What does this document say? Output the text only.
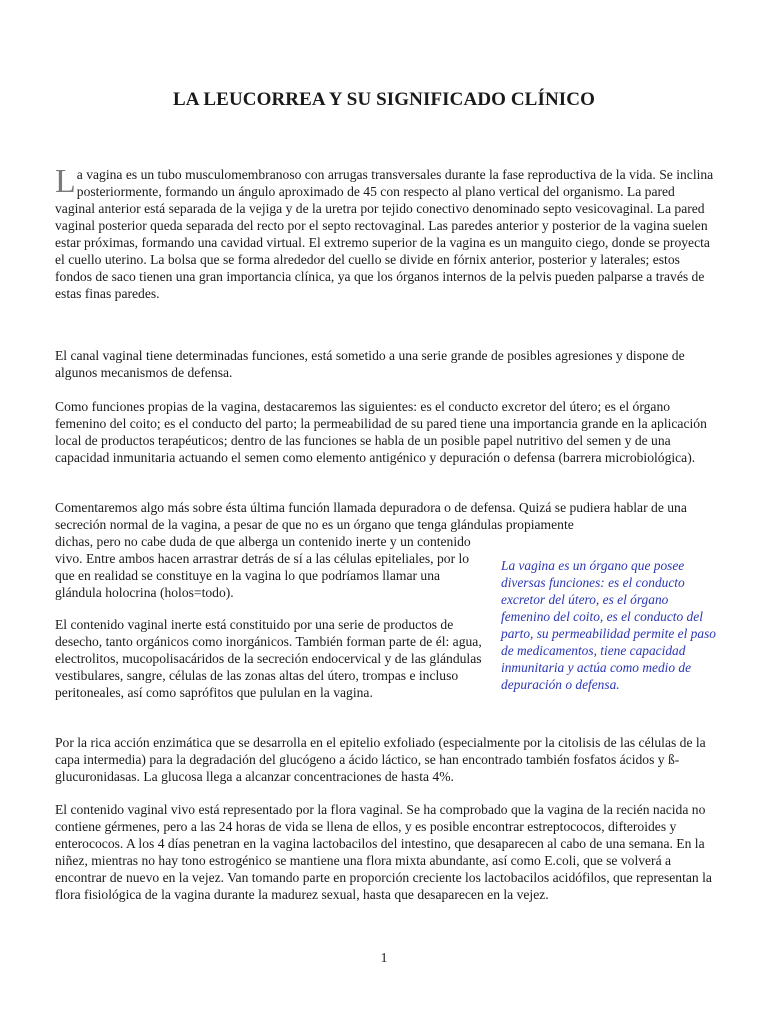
LA LEUCORREA Y SU SIGNIFICADO CLÍNICO

La vagina es un tubo musculomembranoso con arrugas transversales durante la fase reproductiva de la vida. Se inclina posteriormente, formando un ángulo aproximado de 45 con respecto al plano vertical del organismo. La pared vaginal anterior está separada de la vejiga y de la uretra por tejido conectivo denominado septo vesicovaginal. La pared vaginal posterior queda separada del recto por el septo rectovaginal. Las paredes anterior y posterior de la vagina suelen estar próximas, formando una cavidad virtual. El extremo superior de la vagina es un manguito ciego, donde se proyecta el cuello uterino. La bolsa que se forma alrededor del cuello se divide en fórnix anterior, posterior y laterales; estos fondos de saco tienen una gran importancia clínica, ya que los órganos internos de la pelvis pueden palparse a través de estas finas paredes.

El canal vaginal tiene determinadas funciones, está sometido a una serie grande de posibles agresiones y dispone de algunos mecanismos de defensa.

Como funciones propias de la vagina, destacaremos las siguientes: es el conducto excretor del útero; es el órgano femenino del coito; es el conducto del parto; la permeabilidad de su pared tiene una importancia grande en la aplicación local de productos terapéuticos; dentro de las funciones se habla de un posible papel nutritivo del semen y de una capacidad inmunitaria actuando el semen como elemento antigénico y depuración o defensa (barrera microbiológica).

Comentaremos algo más sobre ésta última función llamada depuradora o de defensa. Quizá se pudiera hablar de una secreción normal de la vagina, a pesar de que no es un órgano que tenga glándulas propiamente

dichas, pero no cabe duda de que alberga un contenido inerte y un contenido vivo. Entre ambos hacen arrastrar detrás de sí a las células epiteliales, por lo que en realidad se constituye en la vagina lo que podríamos llamar una glándula holocrina (holos=todo).

El contenido vaginal inerte está constituido por una serie de productos de desecho, tanto orgánicos como inorgánicos. También forman parte de él: agua, electrolitos, mucopolisacáridos de la secreción endocervical y de las glándulas vestibulares, sangre, células de las zonas altas del útero, trompas e incluso peritoneales, así como saprófitos que pululan en la vagina.

La vagina es un órgano que posee diversas funciones: es el conducto excretor del útero, es el órgano femenino del coito, es el conducto del parto, su permeabilidad permite el paso de medicamentos, tiene capacidad inmunitaria y actúa como medio de depuración o defensa.

Por la rica acción enzimática que se desarrolla en el epitelio exfoliado (especialmente por la citolisis de las células de la capa intermedia) para la degradación del glucógeno a ácido láctico, se han encontrado también fosfatos ácidos y ß-glucuronidasas. La glucosa llega a alcanzar concentraciones de hasta 4%.

El contenido vaginal vivo está representado por la flora vaginal. Se ha comprobado que la vagina de la recién nacida no contiene gérmenes, pero a las 24 horas de vida se llena de ellos, y es posible encontrar estreptococos, difteroides y enterococos. A los 4 días penetran en la vagina lactobacilos del intestino, que desaparecen al cabo de una semana. En la niñez, mientras no hay tono estrogénico se mantiene una flora mixta abundante, así como E.coli, que se volverá a encontrar de nuevo en la vejez. Van tomando parte en proporción creciente los lactobacilos acidófilos, que representan la flora fisiológica de la vagina durante la madurez sexual, hasta que desaparecen en la vejez.

1
